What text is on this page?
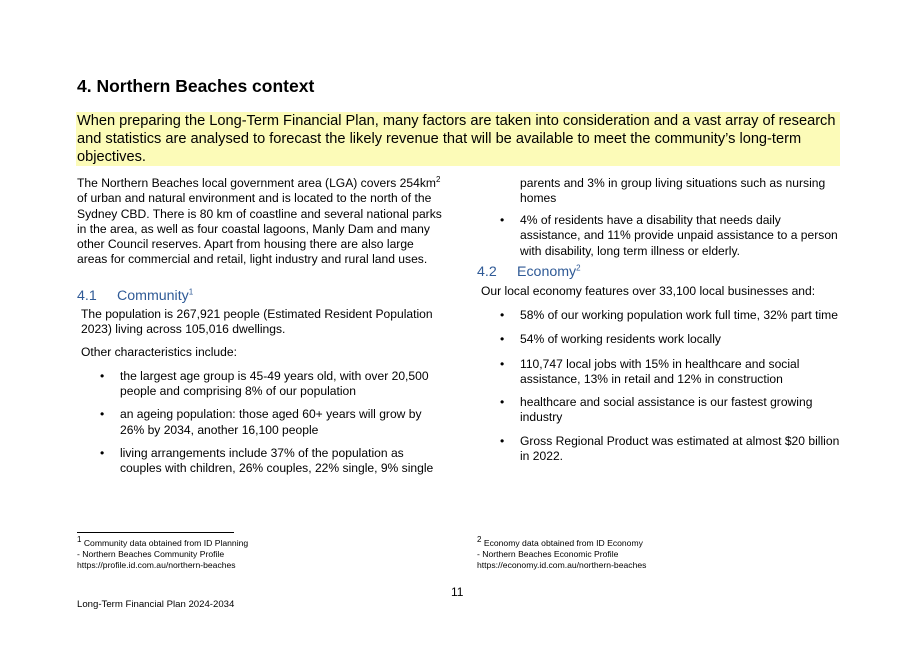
4. Northern Beaches context

When preparing the Long-Term Financial Plan, many factors are taken into consideration and a vast array of research and statistics are analysed to forecast the likely revenue that will be available to meet the community’s long-term objectives.

The Northern Beaches local government area (LGA) covers $254km^2$ of urban and natural environment and is located to the north of the Sydney CBD. There is 80 km of coastline and several national parks in the area, as well as four coastal lagoons, Manly Dam and many other Council reserves. Apart from housing there are also large areas for commercial and retail, light industry and rural land uses.

4.1 Community$^1$

The population is 267,921 people (Estimated Resident Population 2023) living across 105,016 dwellings.

Other characteristics include:

• the largest age group is 45-49 years old, with over 20,500 people and comprising 8% of our population
• an ageing population: those aged 60+ years will grow by 26% by 2034, another 16,100 people
• living arrangements include 37% of the population as couples with children, 26% couples, 22% single, 9% single

parents and 3% in group living situations such as nursing homes

• 4% of residents have a disability that needs daily assistance, and 11% provide unpaid assistance to a person with disability, long term illness or elderly.
4.2 Economy$^2$

Our local economy features over 33,100 local businesses and:

• 58% of our working population work full time, 32% part time
• 54% of working residents work locally
• 110,747 local jobs with 15% in healthcare and social assistance, 13% in retail and 12% in construction
• healthcare and social assistance is our fastest growing industry
• Gross Regional Product was estimated at almost $20 billion in 2022.
$^1$ Community data obtained from ID Planning
- Northern Beaches Community Profile
https://profile.id.com.au/northern-beaches
$^2$ Economy data obtained from ID Economy
- Northern Beaches Economic Profile
https://economy.id.com.au/northern-beaches
11
Long-Term Financial Plan 2024-2034
